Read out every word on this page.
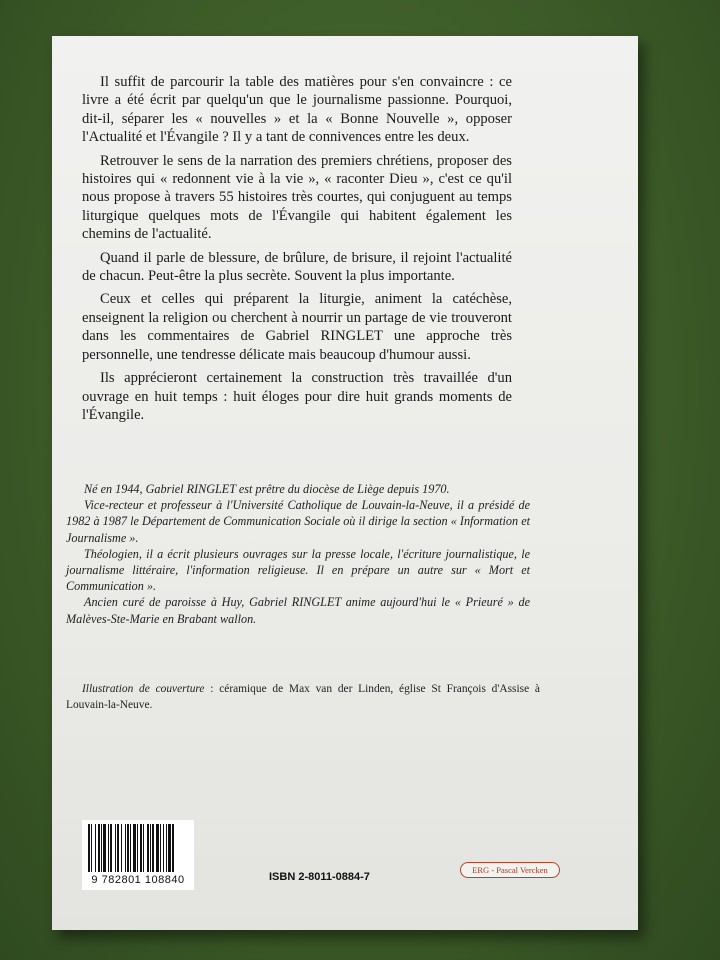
Il suffit de parcourir la table des matières pour s'en convaincre : ce livre a été écrit par quelqu'un que le journalisme passionne. Pourquoi, dit-il, séparer les « nouvelles » et la « Bonne Nouvelle », opposer l'Actualité et l'Évangile ? Il y a tant de connivences entre les deux.

Retrouver le sens de la narration des premiers chrétiens, proposer des histoires qui « redonnent vie à la vie », « raconter Dieu », c'est ce qu'il nous propose à travers 55 histoires très courtes, qui conjuguent au temps liturgique quelques mots de l'Évangile qui habitent également les chemins de l'actualité.

Quand il parle de blessure, de brûlure, de brisure, il rejoint l'actualité de chacun. Peut-être la plus secrète. Souvent la plus importante.

Ceux et celles qui préparent la liturgie, animent la catéchèse, enseignent la religion ou cherchent à nourrir un partage de vie trouveront dans les commentaires de Gabriel RINGLET une approche très personnelle, une tendresse délicate mais beaucoup d'humour aussi.

Ils apprécieront certainement la construction très travaillée d'un ouvrage en huit temps : huit éloges pour dire huit grands moments de l'Évangile.

Né en 1944, Gabriel RINGLET est prêtre du diocèse de Liège depuis 1970.

Vice-recteur et professeur à l'Université Catholique de Louvain-la-Neuve, il a présidé de 1982 à 1987 le Département de Communication Sociale où il dirige la section « Information et Journalisme ».

Théologien, il a écrit plusieurs ouvrages sur la presse locale, l'écriture journalistique, le journalisme littéraire, l'information religieuse. Il en prépare un autre sur « Mort et Communication ».

Ancien curé de paroisse à Huy, Gabriel RINGLET anime aujourd'hui le « Prieuré » de Malèves-Ste-Marie en Brabant wallon.

Illustration de couverture : céramique de Max van der Linden, église St François d'Assise à Louvain-la-Neuve.

9 782801 108840	ISBN 2-8011-0884-7
ERG - Pascal Vercken
